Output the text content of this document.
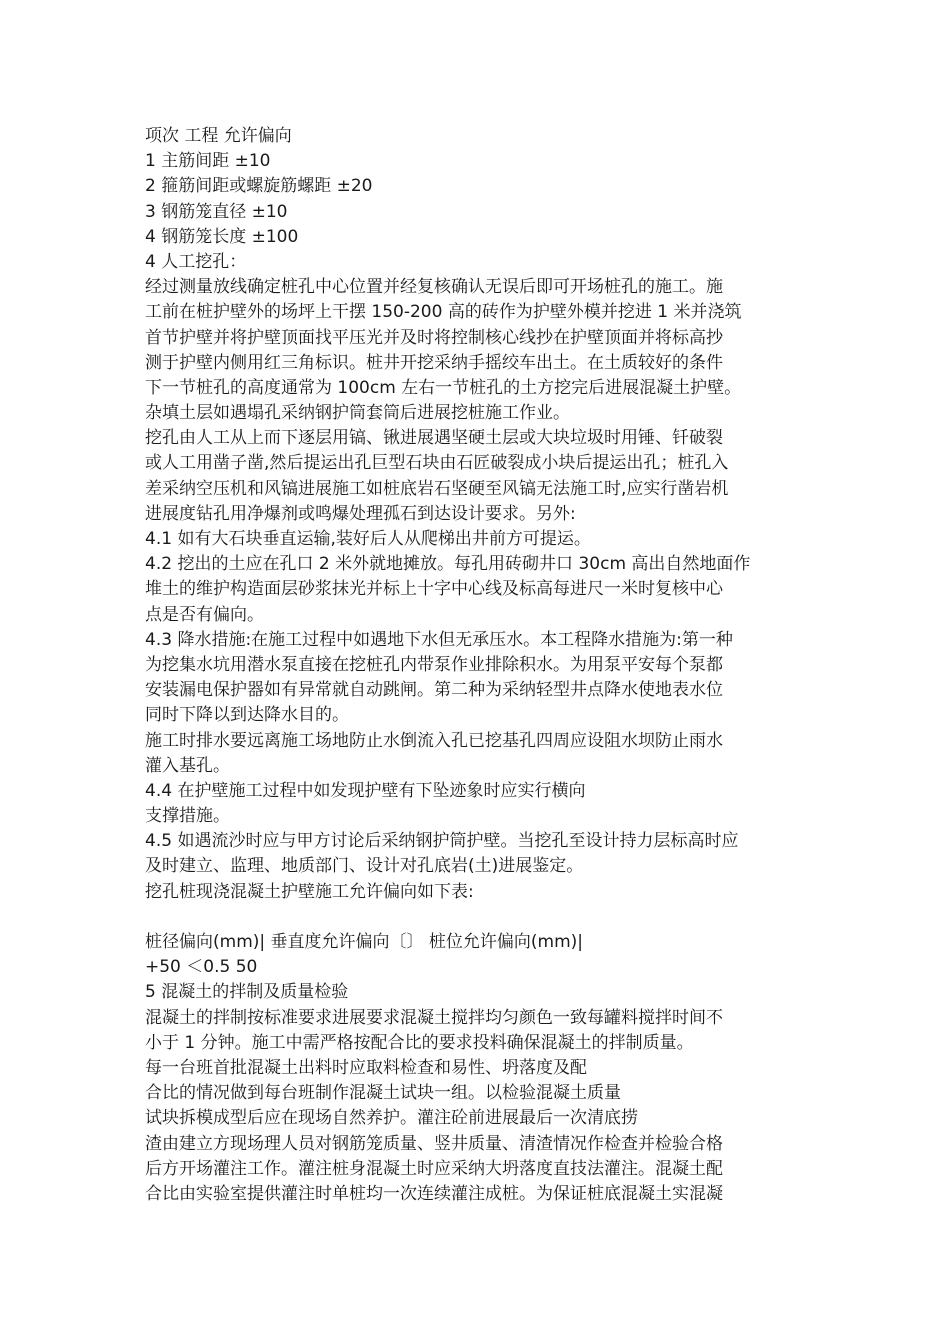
项次 工程 允许偏向
1 主筋间距 ±10
2 箍筋间距或螺旋筋螺距 ±20
3 钢筋笼直径 ±10
4 钢筋笼长度 ±100
4 人工挖孔：
经过测量放线确定桩孔中心位置并经复核确认无误后即可开场桩孔的施工。施
工前在桩护壁外的场坪上干摆 150-200 高的砖作为护壁外模并挖进 1 米并浇筑
首节护壁并将护壁顶面找平压光并及时将控制核心线抄在护壁顶面并将标高抄
测于护壁内侧用红三角标识。桩井开挖采纳手摇绞车出土。在土质较好的条件
下一节桩孔的高度通常为 100cm 左右一节桩孔的土方挖完后进展混凝土护壁。
杂填土层如遇塌孔采纳钢护筒套筒后进展挖桩施工作业。
挖孔由人工从上而下逐层用镐、锹进展遇坚硬土层或大块垃圾时用锤、钎破裂
或人工用凿子凿,然后提运出孔巨型石块由石匠破裂成小块后提运出孔；桩孔入
差采纳空压机和风镐进展施工如桩底岩石坚硬至风镐无法施工时,应实行凿岩机
进展度钻孔用净爆剂或鸣爆处理孤石到达设计要求。另外:
4.1 如有大石块垂直运输,装好后人从爬梯出井前方可提运。
4.2 挖出的土应在孔口 2 米外就地摊放。每孔用砖砌井口 30cm 高出自然地面作
堆土的维护构造面层砂浆抹光并标上十字中心线及标高每进尺一米时复核中心
点是否有偏向。
4.3 降水措施:在施工过程中如遇地下水但无承压水。本工程降水措施为:第一种
为挖集水坑用潜水泵直接在挖桩孔内带泵作业排除积水。为用泵平安每个泵都
安装漏电保护器如有异常就自动跳闸。第二种为采纳轻型井点降水使地表水位
同时下降以到达降水目的。
施工时排水要远离施工场地防止水倒流入孔已挖基孔四周应设阻水坝防止雨水
灌入基孔。
4.4 在护壁施工过程中如发现护壁有下坠迹象时应实行横向
支撑措施。
4.5 如遇流沙时应与甲方讨论后采纳钢护筒护壁。当挖孔至设计持力层标高时应
及时建立、监理、地质部门、设计对孔底岩(土)进展鉴定。
挖孔桩现浇混凝土护壁施工允许偏向如下表:
桩径偏向(mm)| 垂直度允许偏向〔〕 桩位允许偏向(mm)|
+50 ＜0.5 50
5 混凝土的拌制及质量检验
混凝土的拌制按标准要求进展要求混凝土搅拌均匀颜色一致每罐料搅拌时间不
小于 1 分钟。施工中需严格按配合比的要求投料确保混凝土的拌制质量。
每一台班首批混凝土出料时应取料检查和易性、坍落度及配
合比的情况做到每台班制作混凝土试块一组。以检验混凝土质量
试块拆模成型后应在现场自然养护。灌注砼前进展最后一次清底捞
渣由建立方现场理人员对钢筋笼质量、竖井质量、清渣情况作检查并检验合格
后方开场灌注工作。灌注桩身混凝土时应采纳大坍落度直技法灌注。混凝土配
合比由实验室提供灌注时单桩均一次连续灌注成桩。为保证桩底混凝土实混凝
